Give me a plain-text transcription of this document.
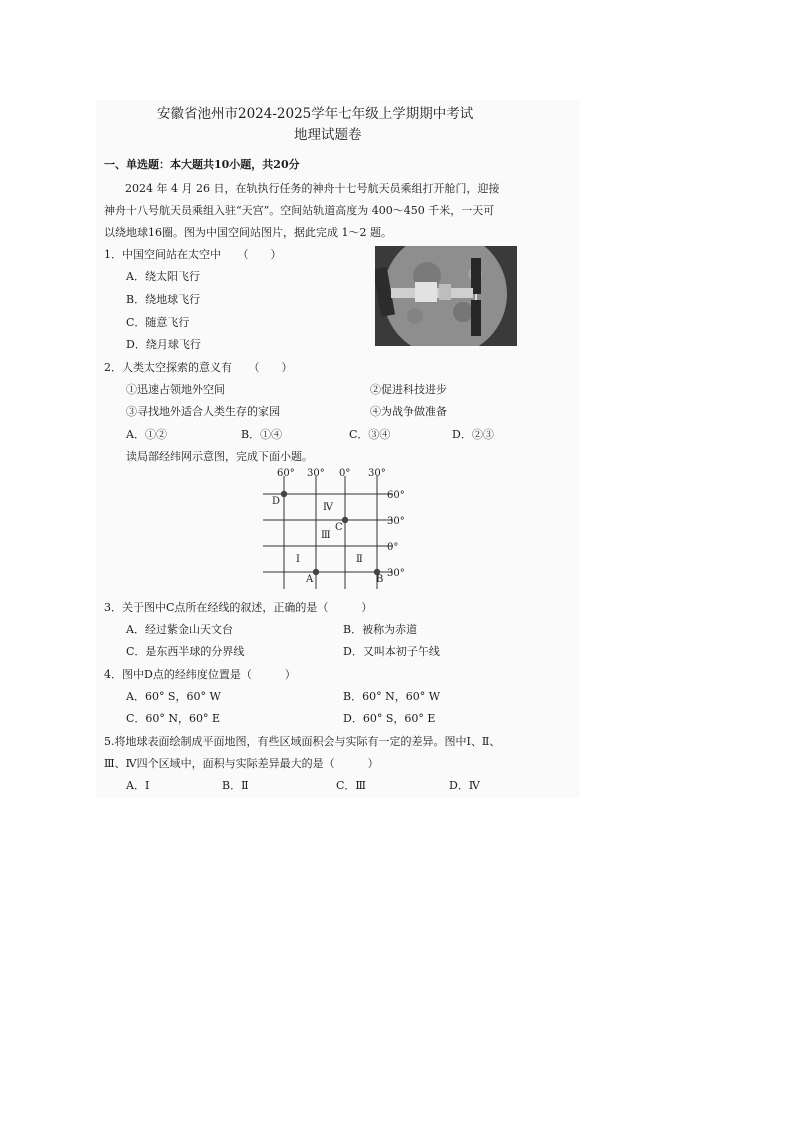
安徽省池州市2024-2025学年七年级上学期期中考试
地理试题卷
一、单选题：本大题共10小题，共20分
2024 年 4 月 26 日，在轨执行任务的神舟十七号航天员乘组打开舱门，迎接
神舟十八号航天员乘组入驻“天宫”。空间站轨道高度为 400～450 千米，一天可
以绕地球16圈。图为中国空间站图片，据此完成 1～2 题。
1．中国空间站在太空中　　（　　）
A．绕太阳飞行
B．绕地球飞行
C．随意飞行
D．绕月球飞行
2．人类太空探索的意义有　　（　　）
①迅速占领地外空间	②促进科技进步
③寻找地外适合人类生存的家园	④为战争做准备
A．①②	B．①④	C．③④	D．②③
读局部经纬网示意图，完成下面小题。
60° 30° 0° 30°
60°
30°
0°
30°
Ⅰ	Ⅱ
Ⅲ
Ⅳ
A	B
C
D
3．关于图中C点所在经线的叙述，正确的是（　　　）
A．经过紫金山天文台	B．被称为赤道
C．是东西半球的分界线	D．又叫本初子午线
4．图中D点的经纬度位置是（　　　）
A．60° S，60° W	B．60° N，60° W
C．60° N，60° E	D．60° S，60° E
5.将地球表面绘制成平面地图，有些区域面积会与实际有一定的差异。图中Ⅰ、Ⅱ、
Ⅲ、Ⅳ四个区域中，面积与实际差异最大的是（　　　）
A．Ⅰ	B．Ⅱ	C．Ⅲ	D．Ⅳ
